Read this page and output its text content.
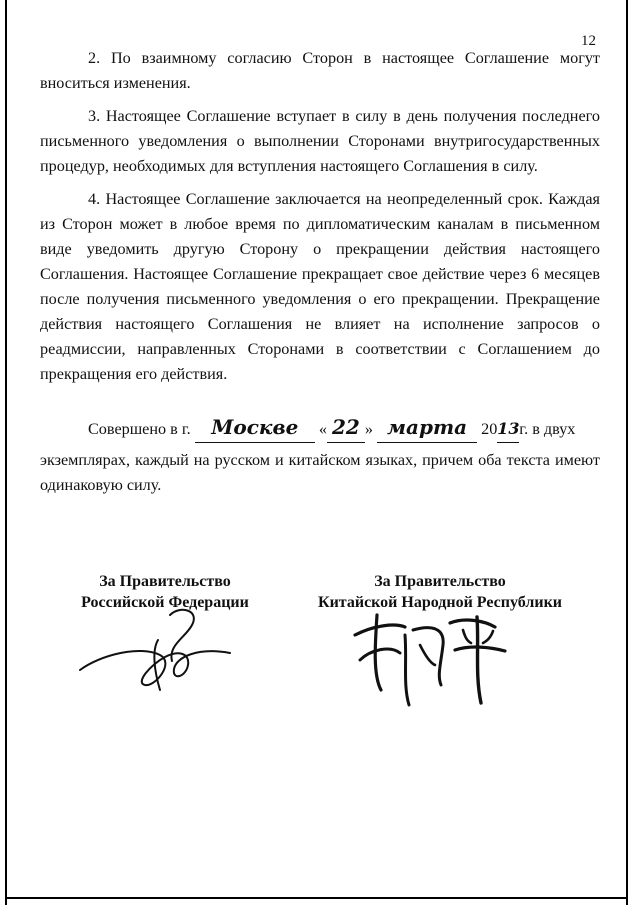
12

2. По взаимному согласию Сторон в настоящее Соглашение могут вноситься изменения.

3. Настоящее Соглашение вступает в силу в день получения последнего письменного уведомления о выполнении Сторонами внутригосударственных процедур, необходимых для вступления настоящего Соглашения в силу.

4. Настоящее Соглашение заключается на неопределенный срок. Каждая из Сторон может в любое время по дипломатическим каналам в письменном виде уведомить другую Сторону о прекращении действия настоящего Соглашения. Настоящее Соглашение прекращает свое действие через 6 месяцев после получения письменного уведомления о его прекращении. Прекращение действия настоящего Соглашения не влияет на исполнение запросов о реадмиссии, направленных Сторонами в соответствии с Соглашением до прекращения его действия.

Совершено в г. Москве « 22 » марта 2013г. в двух
экземплярах, каждый на русском и китайском языках, причем оба текста имеют одинаковую силу.
За Правительство
Российской Федерации
За Правительство
Китайской Народной Республики
